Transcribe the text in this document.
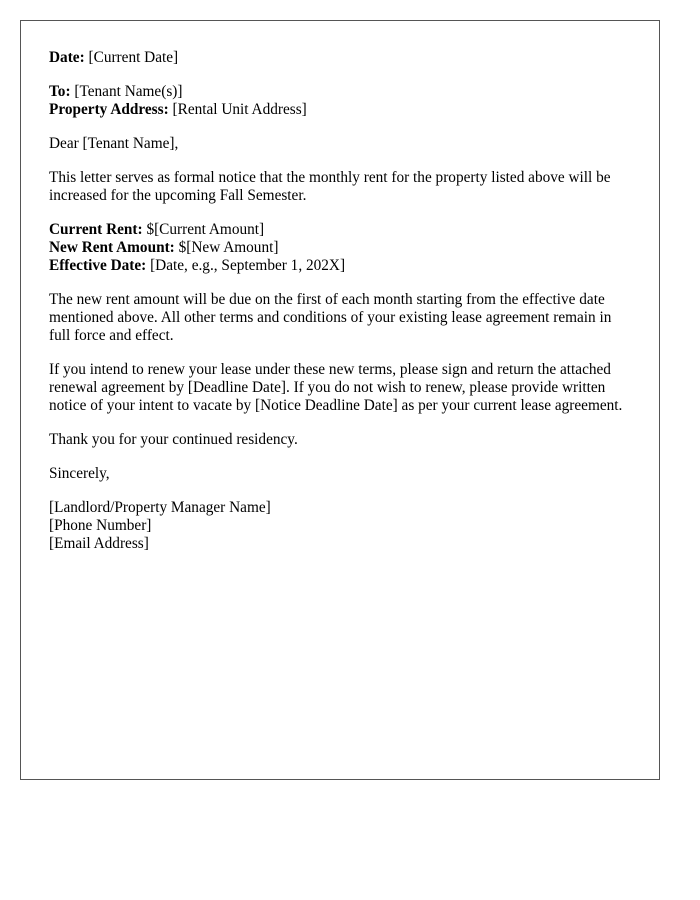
Date: [Current Date]

To: [Tenant Name(s)]
Property Address: [Rental Unit Address]

Dear [Tenant Name],

This letter serves as formal notice that the monthly rent for the property listed above will be increased for the upcoming Fall Semester.

Current Rent: $[Current Amount]
New Rent Amount: $[New Amount]
Effective Date: [Date, e.g., September 1, 202X]

The new rent amount will be due on the first of each month starting from the effective date mentioned above. All other terms and conditions of your existing lease agreement remain in full force and effect.

If you intend to renew your lease under these new terms, please sign and return the attached renewal agreement by [Deadline Date]. If you do not wish to renew, please provide written notice of your intent to vacate by [Notice Deadline Date] as per your current lease agreement.

Thank you for your continued residency.

Sincerely,

[Landlord/Property Manager Name]
[Phone Number]
[Email Address]
